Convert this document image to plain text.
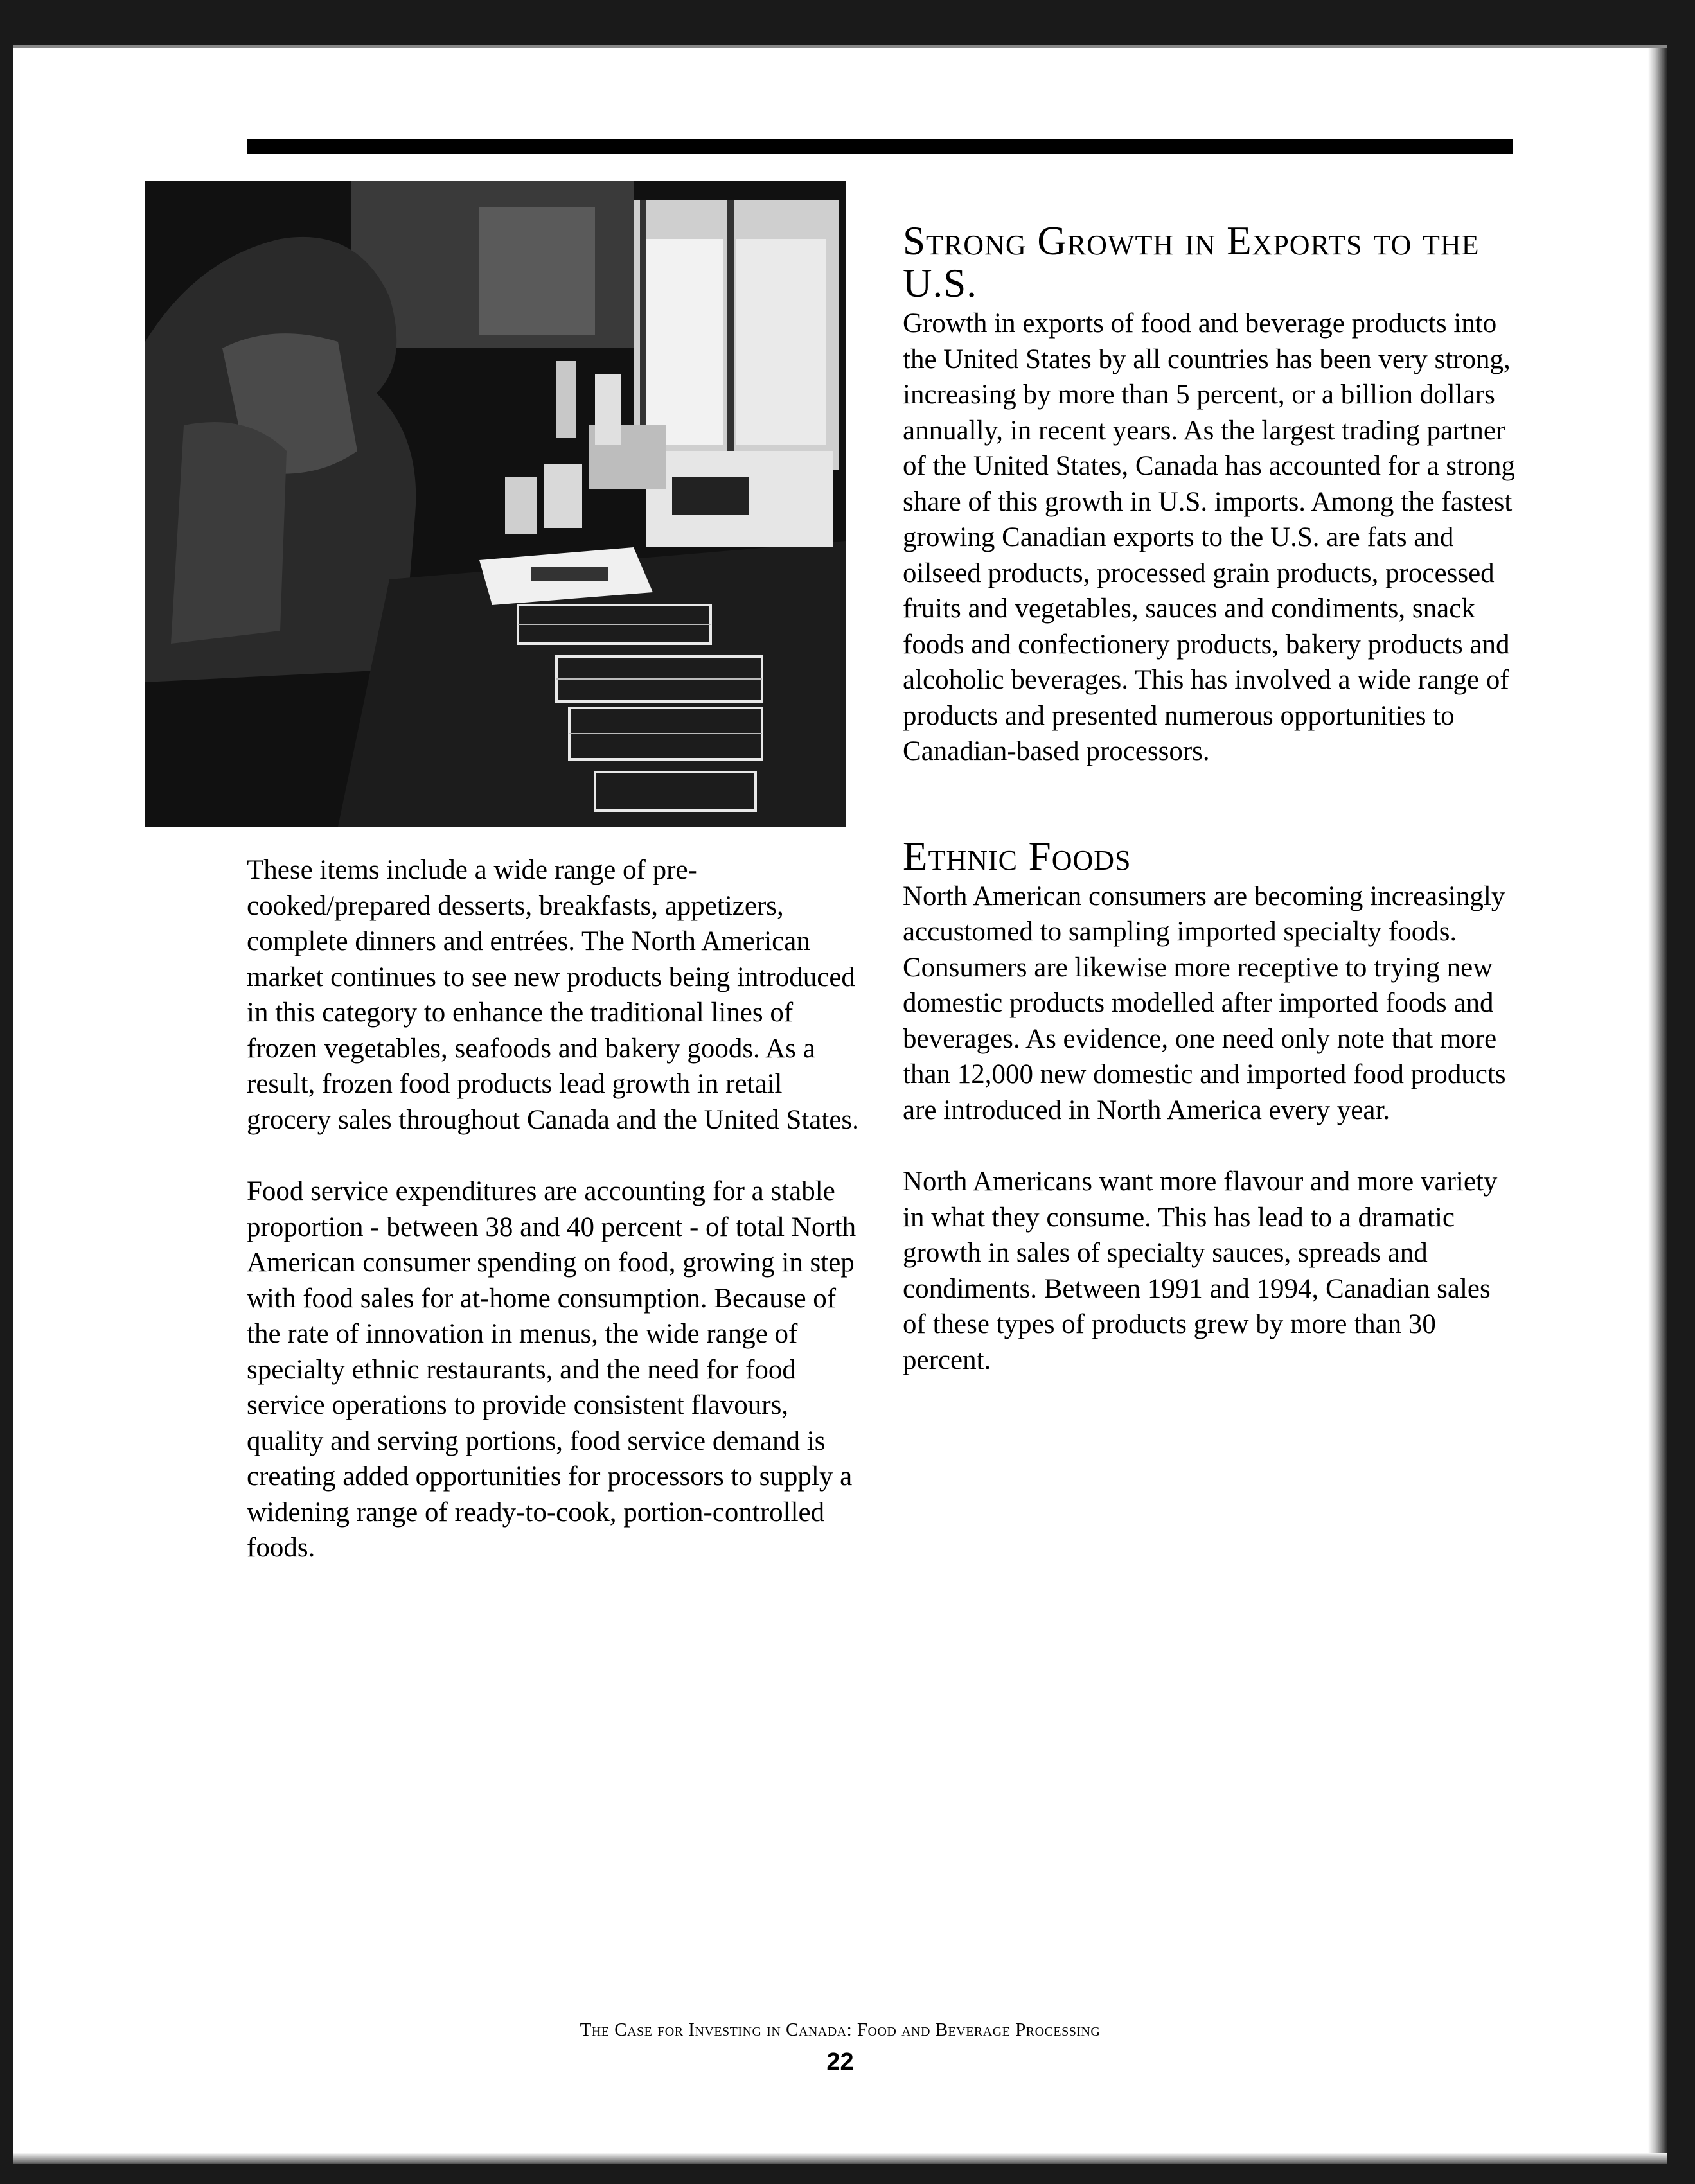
These items include a wide range of pre-cooked/prepared desserts, breakfasts, appetizers, complete dinners and entrées. The North American market continues to see new products being introduced in this category to enhance the traditional lines of frozen vegetables, seafoods and bakery goods. As a result, frozen food products lead growth in retail grocery sales throughout Canada and the United States.

Food service expenditures are accounting for a stable proportion - between 38 and 40 percent - of total North American consumer spending on food, growing in step with food sales for at-home consumption. Because of the rate of innovation in menus, the wide range of specialty ethnic restaurants, and the need for food service operations to provide consistent flavours, quality and serving portions, food service demand is creating added opportunities for processors to supply a widening range of ready-to-cook, portion-controlled foods.

Strong Growth in Exports to the U.S.

Growth in exports of food and beverage products into the United States by all countries has been very strong, increasing by more than 5 percent, or a billion dollars annually, in recent years. As the largest trading partner of the United States, Canada has accounted for a strong share of this growth in U.S. imports. Among the fastest growing Canadian exports to the U.S. are fats and oilseed products, processed grain products, processed fruits and vegetables, sauces and condiments, snack foods and confectionery products, bakery products and alcoholic beverages. This has involved a wide range of products and presented numerous opportunities to Canadian-based processors.

Ethnic Foods

North American consumers are becoming increasingly accustomed to sampling imported specialty foods. Consumers are likewise more receptive to trying new domestic products modelled after imported foods and beverages. As evidence, one need only note that more than 12,000 new domestic and imported food products are introduced in North America every year.

North Americans want more flavour and more variety in what they consume. This has lead to a dramatic growth in sales of specialty sauces, spreads and condiments. Between 1991 and 1994, Canadian sales of these types of products grew by more than 30 percent.

The Case for Investing in Canada: Food and Beverage Processing
22
